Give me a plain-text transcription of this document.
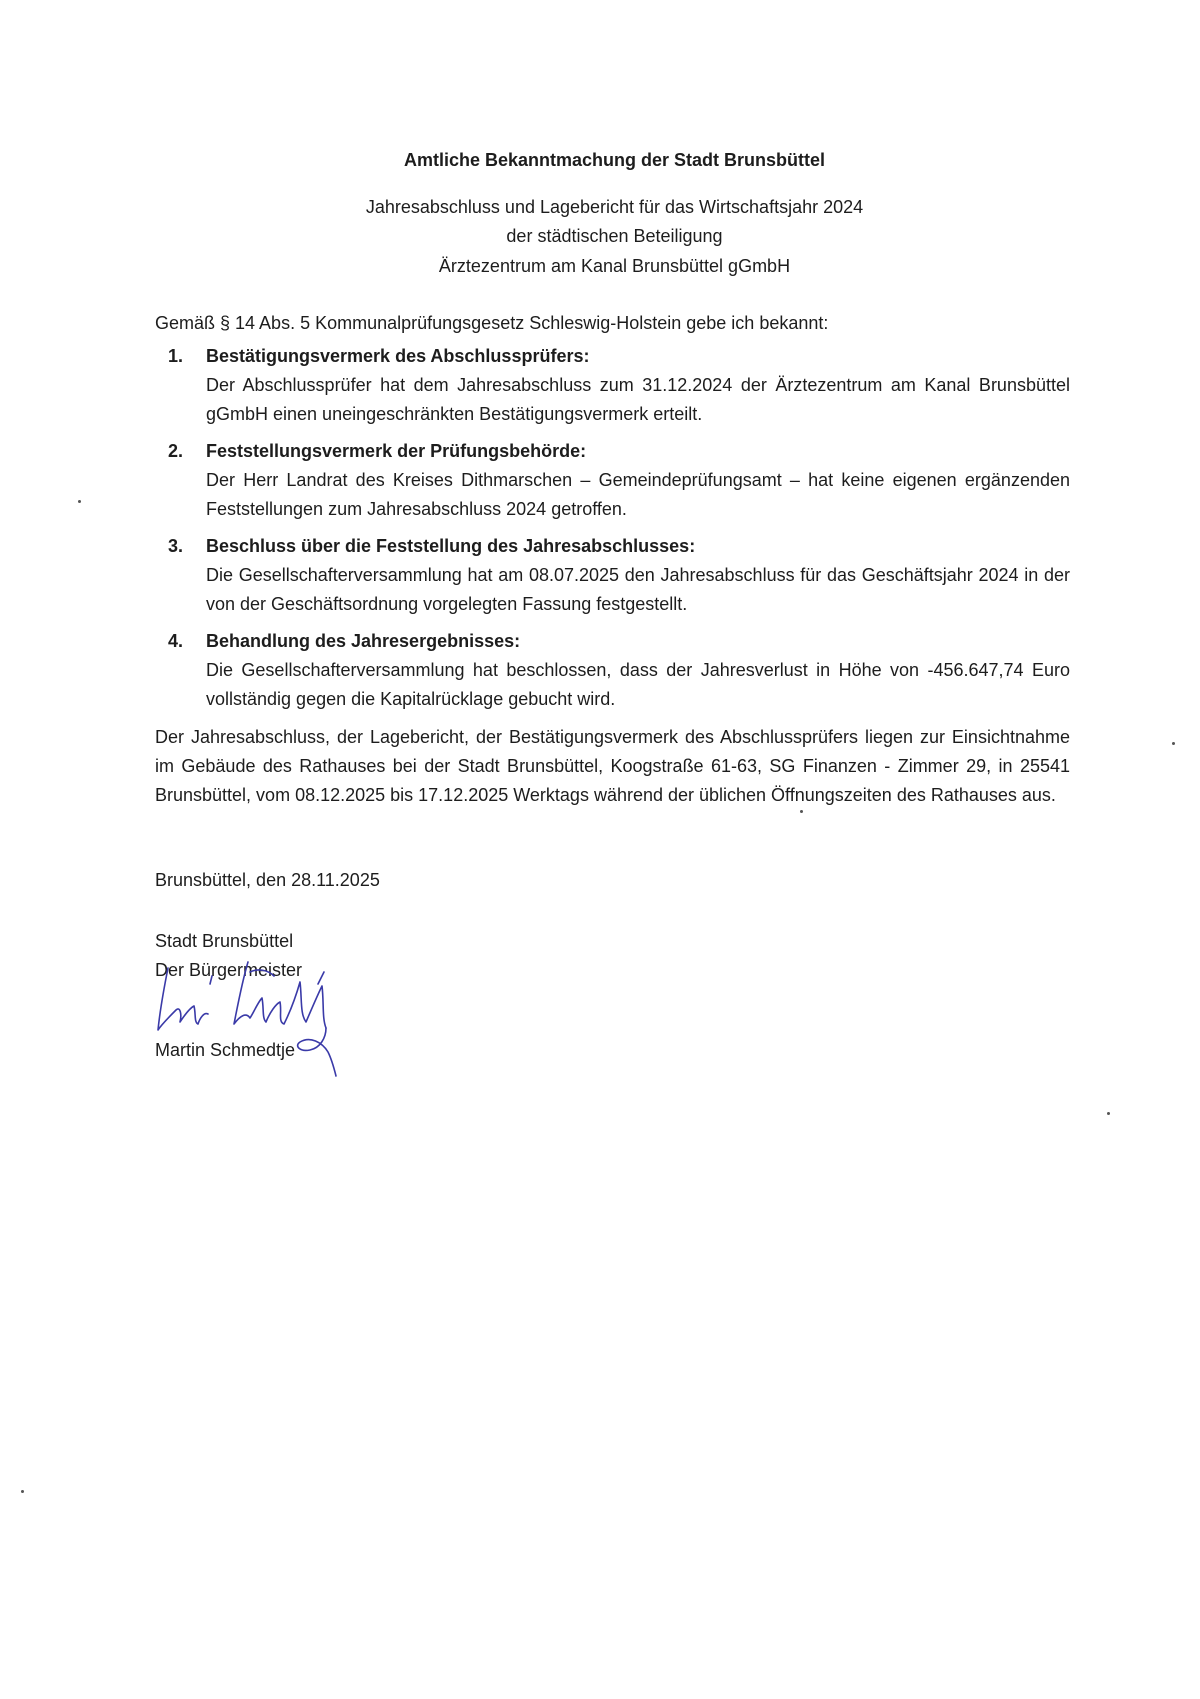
Amtliche Bekanntmachung der Stadt Brunsbüttel
Jahresabschluss und Lagebericht für das Wirtschaftsjahr 2024
der städtischen Beteiligung
Ärztezentrum am Kanal Brunsbüttel gGmbH
Gemäß § 14 Abs. 5 Kommunalprüfungsgesetz Schleswig-Holstein gebe ich bekannt:
1. Bestätigungsvermerk des Abschlussprüfers:
Der Abschlussprüfer hat dem Jahresabschluss zum 31.12.2024 der Ärztezentrum am Kanal Brunsbüttel gGmbH einen uneingeschränkten Bestätigungsvermerk erteilt.
2. Feststellungsvermerk der Prüfungsbehörde:
Der Herr Landrat des Kreises Dithmarschen – Gemeindeprüfungsamt – hat keine eigenen ergänzenden Feststellungen zum Jahresabschluss 2024 getroffen.
3. Beschluss über die Feststellung des Jahresabschlusses:
Die Gesellschafterversammlung hat am 08.07.2025 den Jahresabschluss für das Geschäftsjahr 2024 in der von der Geschäftsordnung vorgelegten Fassung festgestellt.
4. Behandlung des Jahresergebnisses:
Die Gesellschafterversammlung hat beschlossen, dass der Jahresverlust in Höhe von -456.647,74 Euro vollständig gegen die Kapitalrücklage gebucht wird.

Der Jahresabschluss, der Lagebericht, der Bestätigungsvermerk des Abschlussprüfers liegen zur Einsichtnahme im Gebäude des Rathauses bei der Stadt Brunsbüttel, Koogstraße 61-63, SG Finanzen - Zimmer 29, in 25541 Brunsbüttel, vom 08.12.2025 bis 17.12.2025 Werktags während der üblichen Öffnungszeiten des Rathauses aus.

Brunsbüttel, den 28.11.2025
Stadt Brunsbüttel
Der Bürgermeister
Martin Schmedtje
